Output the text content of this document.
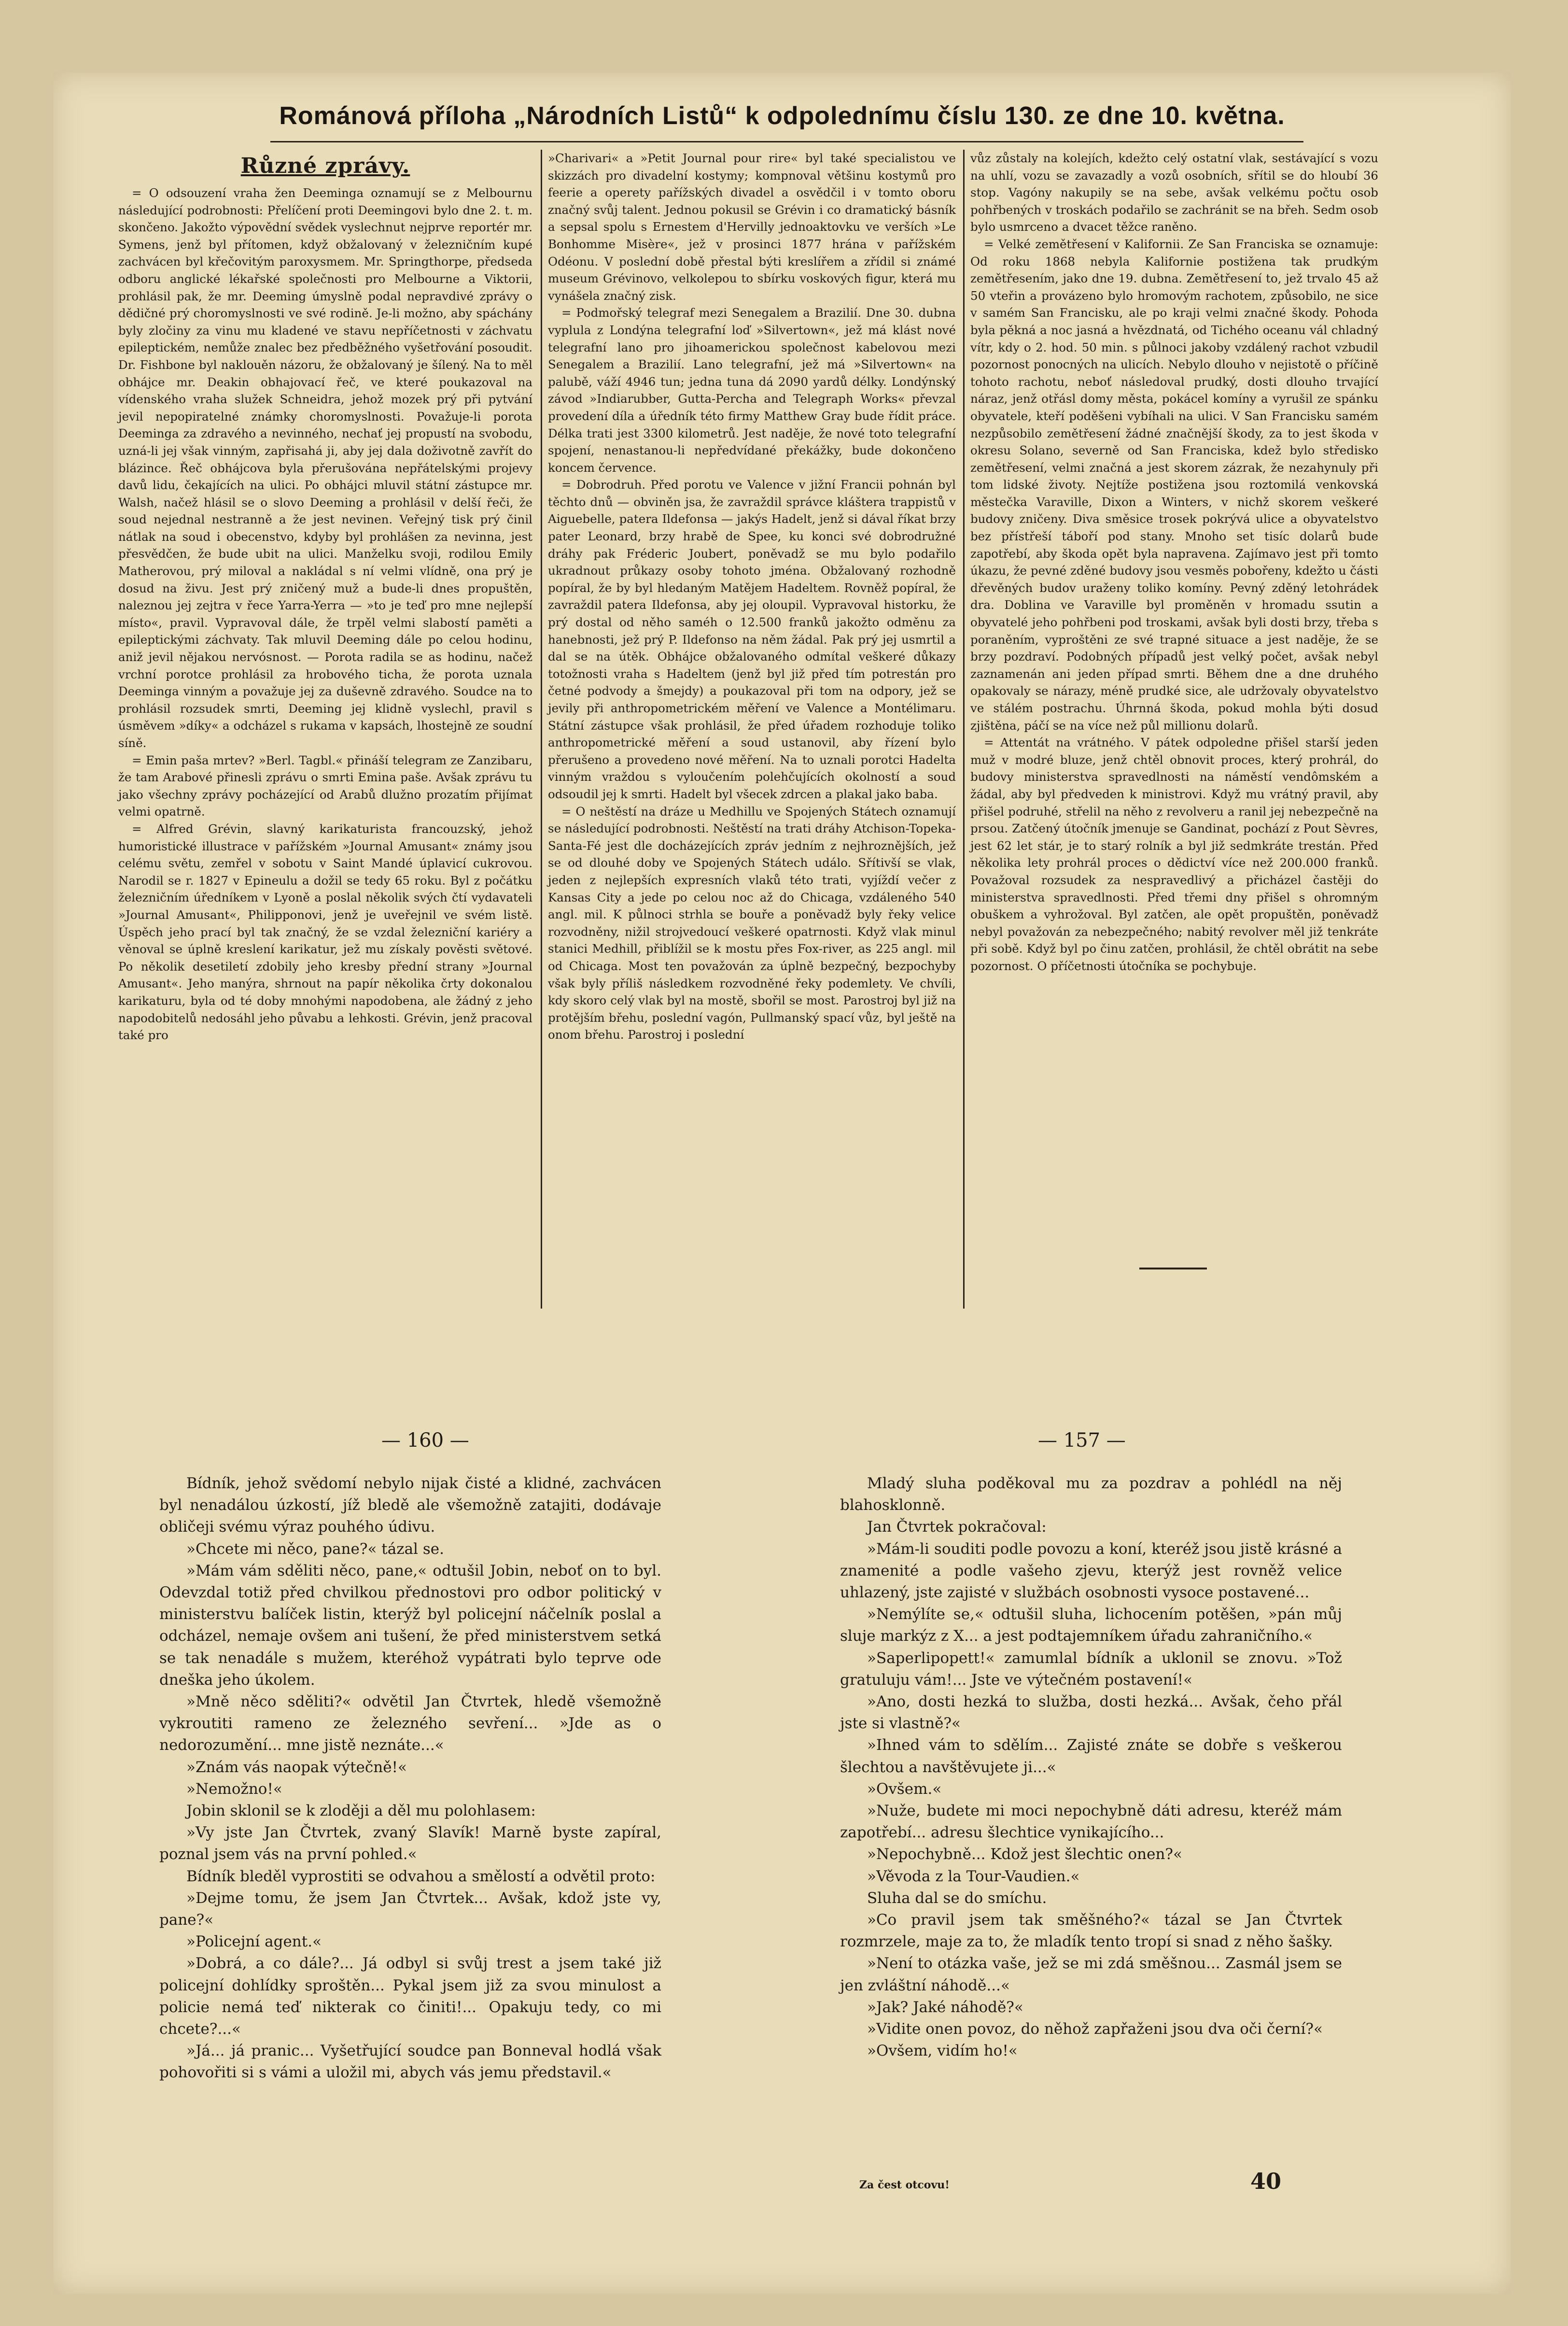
Románová příloha „Národních Listů“ k odpolednímu číslu 130. ze dne 10. května.
Různé zprávy.

= O odsouzení vraha žen Deeminga oznamují se z Melbournu následující podrobnosti: Přelíčení proti Deemingovi bylo dne 2. t. m. skončeno. Jakožto výpovědní svědek vyslechnut nejprve reportér mr. Symens, jenž byl přítomen, když obžalovaný v železničním kupé zachvácen byl křečovitým paroxysmem. Mr. Springthorpe, předseda odboru anglické lékařské společnosti pro Melbourne a Viktorii, prohlásil pak, že mr. Deeming úmyslně podal nepravdivé zprávy o dědičné prý choromyslnosti ve své rodině. Je-li možno, aby spáchány byly zločiny za vinu mu kladené ve stavu nepříčetnosti v záchvatu epileptickém, nemůže znalec bez předběžného vyšetřování posoudit. Dr. Fishbone byl naklouěn názoru, že obžalovaný je šílený. Na to měl obhájce mr. Deakin obhajovací řeč, ve které poukazoval na vídenského vraha služek Schneidra, jehož mozek prý při pytvání jevil nepopiratelné známky choromyslnosti. Považuje-li porota Deeminga za zdravého a nevinného, nechať jej propustí na svobodu, uzná-li jej však vinným, zapřisahá ji, aby jej dala doživotně zavřít do blázince. Řeč obhájcova byla přerušována nepřátelskými projevy davů lidu, čekajících na ulici. Po obhájci mluvil státní zástupce mr. Walsh, načež hlásil se o slovo Deeming a prohlásil v delší řeči, že soud nejednal nestranně a že jest nevinen. Veřejný tisk prý činil nátlak na soud i obecenstvo, kdyby byl prohlášen za nevinna, jest přesvědčen, že bude ubit na ulici. Manželku svoji, rodilou Emily Matherovou, prý miloval a nakládal s ní velmi vlídně, ona prý je dosud na živu. Jest prý zničený muž a bude-li dnes propuštěn, naleznou jej zejtra v řece Yarra-Yerra — »to je teď pro mne nejlepší místo«, pravil. Vypravoval dále, že trpěl velmi slabostí paměti a epileptickými záchvaty. Tak mluvil Deeming dále po celou hodinu, aniž jevil nějakou nervósnost. — Porota radila se as hodinu, načež vrchní porotce prohlásil za hrobového ticha, že porota uznala Deeminga vinným a považuje jej za duševně zdravého. Soudce na to prohlásil rozsudek smrti, Deeming jej klidně vyslechl, pravil s úsměvem »díky« a odcházel s rukama v kapsách, lhostejně ze soudní síně.

= Emin paša mrtev? »Berl. Tagbl.« přináší telegram ze Zanzibaru, že tam Arabové přinesli zprávu o smrti Emina paše. Avšak zprávu tu jako všechny zprávy pocházející od Arabů dlužno prozatím přijímat velmi opatrně.

= Alfred Grévin, slavný karikaturista francouzský, jehož humoristické illustrace v pařížském »Journal Amusant« známy jsou celému světu, zemřel v sobotu v Saint Mandé úplavicí cukrovou. Narodil se r. 1827 v Epineulu a dožil se tedy 65 roku. Byl z počátku železničním úředníkem v Lyoně a poslal několik svých čtí vydavateli »Journal Amusant«, Philipponovi, jenž je uveřejnil ve svém listě. Úspěch jeho prací byl tak značný, že se vzdal železniční kariéry a věnoval se úplně kreslení karikatur, jež mu získaly pověsti světové. Po několik desetiletí zdobily jeho kresby přední strany »Journal Amusant«. Jeho manýra, shrnout na papír několika črty dokonalou karikaturu, byla od té doby mnohými napodobena, ale žádný z jeho napodobitelů nedosáhl jeho půvabu a lehkosti. Grévin, jenž pracoval také pro

»Charivari« a »Petit Journal pour rire« byl také specialistou ve skizzách pro divadelní kostymy; kompnoval většinu kostymů pro feerie a operety pařížských divadel a osvědčil i v tomto oboru značný svůj talent. Jednou pokusil se Grévin i co dramatický básník a sepsal spolu s Ernestem d'Hervilly jednoaktovku ve verších »Le Bonhomme Misère«, jež v prosinci 1877 hrána v pařížském Odéonu. V poslední době přestal býti kreslířem a zřídil si známé museum Grévinovo, velkolepou to sbírku voskových figur, která mu vynášela značný zisk.

= Podmořský telegraf mezi Senegalem a Brazilií. Dne 30. dubna vyplula z Londýna telegrafní loď »Silvertown«, jež má klást nové telegrafní lano pro jihoamerickou společnost kabelovou mezi Senegalem a Brazilií. Lano telegrafní, jež má »Silvertown« na palubě, váží 4946 tun; jedna tuna dá 2090 yardů délky. Londýnský závod »Indiarubber, Gutta-Percha and Telegraph Works« převzal provedení díla a úředník této firmy Matthew Gray bude řídit práce. Délka trati jest 3300 kilometrů. Jest naděje, že nové toto telegrafní spojení, nenastanou-li nepředvídané překážky, bude dokončeno koncem července.

= Dobrodruh. Před porotu ve Valence v jižní Francii pohnán byl těchto dnů — obviněn jsa, že zavraždil správce kláštera trappistů v Aiguebelle, patera Ildefonsa — jakýs Hadelt, jenž si dával říkat brzy pater Leonard, brzy hrabě de Spee, ku konci své dobrodružné dráhy pak Fréderic Joubert, poněvadž se mu bylo podařilo ukradnout průkazy osoby tohoto jména. Obžalovaný rozhodně popíral, že by byl hledaným Matějem Hadeltem. Rovněž popíral, že zavraždil patera Ildefonsa, aby jej oloupil. Vypravoval historku, že prý dostal od něho saméh o 12.500 franků jakožto odměnu za hanebnosti, jež prý P. Ildefonso na něm žádal. Pak prý jej usmrtil a dal se na útěk. Obhájce obžalovaného odmítal veškeré důkazy totožnosti vraha s Hadeltem (jenž byl již před tím potrestán pro četné podvody a šmejdy) a poukazoval při tom na odpory, jež se jevily při anthropometrickém měření ve Valence a Montélimaru. Státní zástupce však prohlásil, že před úřadem rozhoduje toliko anthropometrické měření a soud ustanovil, aby řízení bylo přerušeno a provedeno nové měření. Na to uznali porotci Hadelta vinným vraždou s vyloučením polehčujících okolností a soud odsoudil jej k smrti. Hadelt byl všecek zdrcen a plakal jako baba.

= O neštěstí na dráze u Medhillu ve Spojených Státech oznamují se následující podrobnosti. Neštěstí na trati dráhy Atchison-Topeka-Santa-Fé jest dle docházejících zpráv jedním z nejhroznějších, jež se od dlouhé doby ve Spojených Státech událo. Sřítivší se vlak, jeden z nejlepších expresních vlaků této trati, vyjíždí večer z Kansas City a jede po celou noc až do Chicaga, vzdáleného 540 angl. mil. K půlnoci strhla se bouře a poněvadž byly řeky velice rozvodněny, nižil strojvedoucí veškeré opatrnosti. Když vlak minul stanici Medhill, přiblížil se k mostu přes Fox-river, as 225 angl. mil od Chicaga. Most ten považován za úplně bezpečný, bezpochyby však byly příliš následkem rozvodněné řeky podemlety. Ve chvíli, kdy skoro celý vlak byl na mostě, sbořil se most. Parostroj byl již na protějším břehu, poslední vagón, Pullmanský spací vůz, byl ještě na onom břehu. Parostroj i poslední

vůz zůstaly na kolejích, kdežto celý ostatní vlak, sestávající s vozu na uhlí, vozu se zavazadly a vozů osobních, sřítil se do hloubí 36 stop. Vagóny nakupily se na sebe, avšak velkému počtu osob pohřbených v troskách podařilo se zachránit se na břeh. Sedm osob bylo usmrceno a dvacet těžce raněno.

= Velké zemětřesení v Kalifornii. Ze San Franciska se oznamuje: Od roku 1868 nebyla Kalifornie postižena tak prudkým zemětřesením, jako dne 19. dubna. Zemětřesení to, jež trvalo 45 až 50 vteřin a provázeno bylo hromovým rachotem, způsobilo, ne sice v samém San Francisku, ale po kraji velmi značné škody. Pohoda byla pěkná a noc jasná a hvězdnatá, od Tichého oceanu vál chladný vítr, kdy o 2. hod. 50 min. s půlnoci jakoby vzdálený rachot vzbudil pozornost ponocných na ulicích. Nebylo dlouho v nejistotě o příčině tohoto rachotu, neboť následoval prudký, dosti dlouho trvající náraz, jenž otřásl domy města, pokácel komíny a vyrušil ze spánku obyvatele, kteří poděšeni vybíhali na ulici. V San Francisku samém nezpůsobilo zemětřesení žádné značnější škody, za to jest škoda v okresu Solano, severně od San Franciska, kdež bylo středisko zemětřesení, velmi značná a jest skorem zázrak, že nezahynuly při tom lidské životy. Nejtíže postižena jsou roztomilá venkovská městečka Varaville, Dixon a Winters, v nichž skorem veškeré budovy zničeny. Diva směsice trosek pokrývá ulice a obyvatelstvo bez přístřeší táboří pod stany. Mnoho set tisíc dolarů bude zapotřebí, aby škoda opět byla napravena. Zajímavo jest při tomto úkazu, že pevné zděné budovy jsou vesměs pobořeny, kdežto u části dřevěných budov uraženy toliko komíny. Pevný zděný letohrádek dra. Doblina ve Varaville byl proměněn v hromadu ssutin a obyvatelé jeho pohřbeni pod troskami, avšak byli dosti brzy, třeba s poraněním, vyproštěni ze své trapné situace a jest naděje, že se brzy pozdraví. Podobných případů jest velký počet, avšak nebyl zaznamenán ani jeden případ smrti. Během dne a dne druhého opakovaly se nárazy, méně prudké sice, ale udržovaly obyvatelstvo ve stálém postrachu. Úhrnná škoda, pokud mohla býti dosud zjištěna, páčí se na více než půl millionu dolarů.

= Attentát na vrátného. V pátek odpoledne přišel starší jeden muž v modré bluze, jenž chtěl obnovit proces, který prohrál, do budovy ministerstva spravedlnosti na náměstí vendômském a žádal, aby byl předveden k ministrovi. Když mu vrátný pravil, aby přišel podruhé, střelil na něho z revolveru a ranil jej nebezpečně na prsou. Zatčený útočník jmenuje se Gandinat, pochází z Pout Sèvres, jest 62 let stár, je to starý rolník a byl již sedmkráte trestán. Před několika lety prohrál proces o dědictví více než 200.000 franků. Považoval rozsudek za nespravedlivý a přicházel častěji do ministerstva spravedlnosti. Před třemi dny přišel s ohromným obuškem a vyhrožoval. Byl zatčen, ale opět propuštěn, poněvadž nebyl považován za nebezpečného; nabitý revolver měl již tenkráte při sobě. Když byl po činu zatčen, prohlásil, že chtěl obrátit na sebe pozornost. O příčetnosti útočníka se pochybuje.

— 160 —	— 157 —

Bídník, jehož svědomí nebylo nijak čisté a klidné, zachvácen byl nenadálou úzkostí, jíž bledě ale všemožně zatajiti, dodávaje obličeji svému výraz pouhého údivu.

»Chcete mi něco, pane?« tázal se.

»Mám vám sděliti něco, pane,« odtušil Jobin, neboť on to byl. Odevzdal totiž před chvilkou přednostovi pro odbor politický v ministerstvu balíček listin, kterýž byl policejní náčelník poslal a odcházel, nemaje ovšem ani tušení, že před ministerstvem setká se tak nenadále s mužem, kteréhož vypátrati bylo teprve ode dneška jeho úkolem.

»Mně něco sděliti?« odvětil Jan Čtvrtek, hledě všemožně vykroutiti rameno ze železného sevření... »Jde as o nedorozumění... mne jistě neznáte...«

»Znám vás naopak výtečně!«

»Nemožno!«

Jobin sklonil se k zloději a děl mu polohlasem:

»Vy jste Jan Čtvrtek, zvaný Slavík! Marně byste zapíral, poznal jsem vás na první pohled.«

Bídník bleděl vyprostiti se odvahou a smělostí a odvětil proto:

»Dejme tomu, že jsem Jan Čtvrtek... Avšak, kdož jste vy, pane?«

»Policejní agent.«

»Dobrá, a co dále?... Já odbyl si svůj trest a jsem také již policejní dohlídky sproštěn... Pykal jsem již za svou minulost a policie nemá teď nikterak co činiti!... Opakuju tedy, co mi chcete?...«

»Já... já pranic... Vyšetřující soudce pan Bonneval hodlá však pohovořiti si s vámi a uložil mi, abych vás jemu představil.«

Mladý sluha poděkoval mu za pozdrav a pohlédl na něj blahosklonně.

Jan Čtvrtek pokračoval:

»Mám-li souditi podle povozu a koní, kteréž jsou jistě krásné a znamenité a podle vašeho zjevu, kterýž jest rovněž velice uhlazený, jste zajisté v službách osobnosti vysoce postavené...

»Nemýlíte se,« odtušil sluha, lichocením potěšen, »pán můj sluje markýz z X... a jest podtajemníkem úřadu zahraničního.«

»Saperlipopett!« zamumlal bídník a uklonil se znovu. »Tož gratuluju vám!... Jste ve výtečném postavení!«

»Ano, dosti hezká to služba, dosti hezká... Avšak, čeho přál jste si vlastně?«

»Ihned vám to sdělím... Zajisté znáte se dobře s veškerou šlechtou a navštěvujete ji...«

»Ovšem.«

»Nuže, budete mi moci nepochybně dáti adresu, kteréž mám zapotřebí... adresu šlechtice vynikajícího...

»Nepochybně... Kdož jest šlechtic onen?«

»Věvoda z la Tour-Vaudien.«

Sluha dal se do smíchu.

»Co pravil jsem tak směšného?« tázal se Jan Čtvrtek rozmrzele, maje za to, že mladík tento tropí si snad z něho šašky.

»Není to otázka vaše, jež se mi zdá směšnou... Zasmál jsem se jen zvláštní náhodě...«

»Jak? Jaké náhodě?«

»Vidite onen povoz, do něhož zapřaženi jsou dva oči černí?«

»Ovšem, vidím ho!«

Za čest otcovu!	40
